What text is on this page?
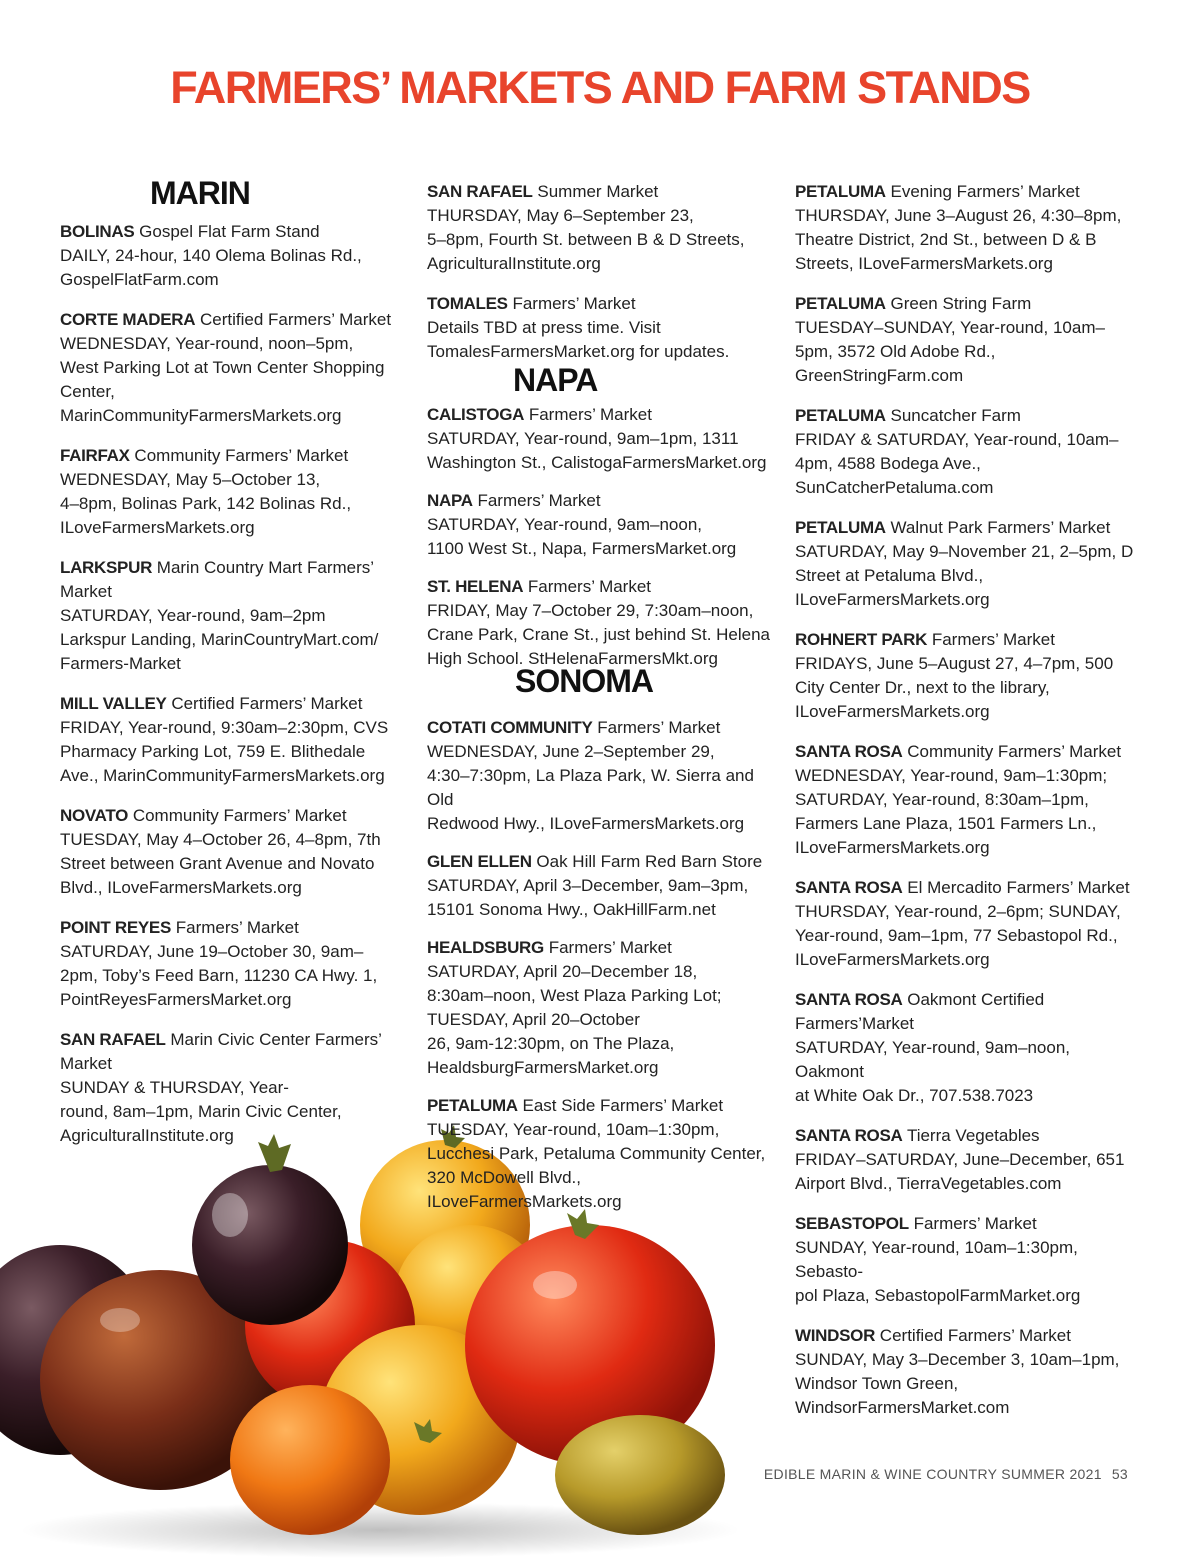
FARMERS’ MARKETS AND FARM STANDS
MARIN
BOLINAS Gospel Flat Farm Stand
DAILY, 24-hour, 140 Olema Bolinas Rd.,
GospelFlatFarm.com
CORTE MADERA Certified Farmers’ Market
WEDNESDAY, Year-round, noon–5pm,
West Parking Lot at Town Center Shopping
Center, MarinCommunityFarmersMarkets.org
FAIRFAX Community Farmers’ Market
WEDNESDAY, May 5–October 13,
4–8pm, Bolinas Park, 142 Bolinas Rd.,
ILoveFarmersMarkets.org
LARKSPUR Marin Country Mart Farmers’
Market
SATURDAY, Year-round, 9am–2pm
Larkspur Landing, MarinCountryMart.com/
Farmers-Market
MILL VALLEY Certified Farmers’ Market
FRIDAY, Year-round, 9:30am–2:30pm, CVS
Pharmacy Parking Lot, 759 E. Blithedale
Ave., MarinCommunityFarmersMarkets.org
NOVATO Community Farmers’ Market
TUESDAY, May 4–October 26, 4–8pm, 7th
Street between Grant Avenue and Novato
Blvd., ILoveFarmersMarkets.org
POINT REYES Farmers’ Market
SATURDAY, June 19–October 30, 9am–
2pm, Toby’s Feed Barn, 11230 CA Hwy. 1,
PointReyesFarmersMarket.org
SAN RAFAEL Marin Civic Center Farmers’ Market
SUNDAY & THURSDAY, Year-
round, 8am–1pm, Marin Civic Center,
AgriculturalInstitute.org
SAN RAFAEL Summer Market
THURSDAY, May 6–September 23,
5–8pm, Fourth St. between B & D Streets,
AgriculturalInstitute.org
TOMALES Farmers’ Market
Details TBD at press time. Visit
TomalesFarmersMarket.org for updates.
NAPA
CALISTOGA Farmers’ Market
SATURDAY, Year-round, 9am–1pm, 1311
Washington St., CalistogaFarmersMarket.org
NAPA Farmers’ Market
SATURDAY, Year-round, 9am–noon,
1100 West St., Napa, FarmersMarket.org
ST. HELENA Farmers’ Market
FRIDAY, May 7–October 29, 7:30am–noon,
Crane Park, Crane St., just behind St. Helena
High School. StHelenaFarmersMkt.org
SONOMA
COTATI COMMUNITY Farmers’ Market
WEDNESDAY, June 2–September 29,
4:30–7:30pm, La Plaza Park, W. Sierra and Old
Redwood Hwy., ILoveFarmersMarkets.org
GLEN ELLEN Oak Hill Farm Red Barn Store
SATURDAY, April 3–December, 9am–3pm,
15101 Sonoma Hwy., OakHillFarm.net
HEALDSBURG Farmers’ Market
SATURDAY, April 20–December 18,
8:30am–noon, West Plaza Parking Lot;
TUESDAY, April 20–October
26, 9am-12:30pm, on The Plaza,
HealdsburgFarmersMarket.org
PETALUMA East Side Farmers’ Market
TUESDAY, Year-round, 10am–1:30pm,
Lucchesi Park, Petaluma Community Center,
320 McDowell Blvd., ILoveFarmersMarkets.org
PETALUMA Evening Farmers’ Market
THURSDAY, June 3–August 26, 4:30–8pm,
Theatre District, 2nd St., between D & B
Streets, ILoveFarmersMarkets.org
PETALUMA Green String Farm
TUESDAY–SUNDAY, Year-round, 10am–
5pm, 3572 Old Adobe Rd., GreenStringFarm.com
PETALUMA Suncatcher Farm
FRIDAY & SATURDAY, Year-round, 10am–
4pm, 4588 Bodega Ave., SunCatcherPetaluma.com
PETALUMA Walnut Park Farmers’ Market
SATURDAY, May 9–November 21, 2–5pm, D
Street at Petaluma Blvd.,
ILoveFarmersMarkets.org
ROHNERT PARK Farmers’ Market
FRIDAYS, June 5–August 27, 4–7pm, 500
City Center Dr., next to the library,
ILoveFarmersMarkets.org
SANTA ROSA Community Farmers’ Market
WEDNESDAY, Year-round, 9am–1:30pm;
SATURDAY, Year-round, 8:30am–1pm,
Farmers Lane Plaza, 1501 Farmers Ln.,
ILoveFarmersMarkets.org
SANTA ROSA El Mercadito Farmers’ Market
THURSDAY, Year-round, 2–6pm; SUNDAY,
Year-round, 9am–1pm, 77 Sebastopol Rd.,
ILoveFarmersMarkets.org
SANTA ROSA Oakmont Certified
Farmers’Market
SATURDAY, Year-round, 9am–noon, Oakmont
at White Oak Dr., 707.538.7023
SANTA ROSA Tierra Vegetables
FRIDAY–SATURDAY, June–December, 651
Airport Blvd., TierraVegetables.com
SEBASTOPOL Farmers’ Market
SUNDAY, Year-round, 10am–1:30pm, Sebasto-
pol Plaza, SebastopolFarmMarket.org
WINDSOR Certified Farmers’ Market
SUNDAY, May 3–December 3, 10am–1pm,
Windsor Town Green,
WindsorFarmersMarket.com
EDIBLE MARIN & WINE COUNTRY SUMMER 2021 53
